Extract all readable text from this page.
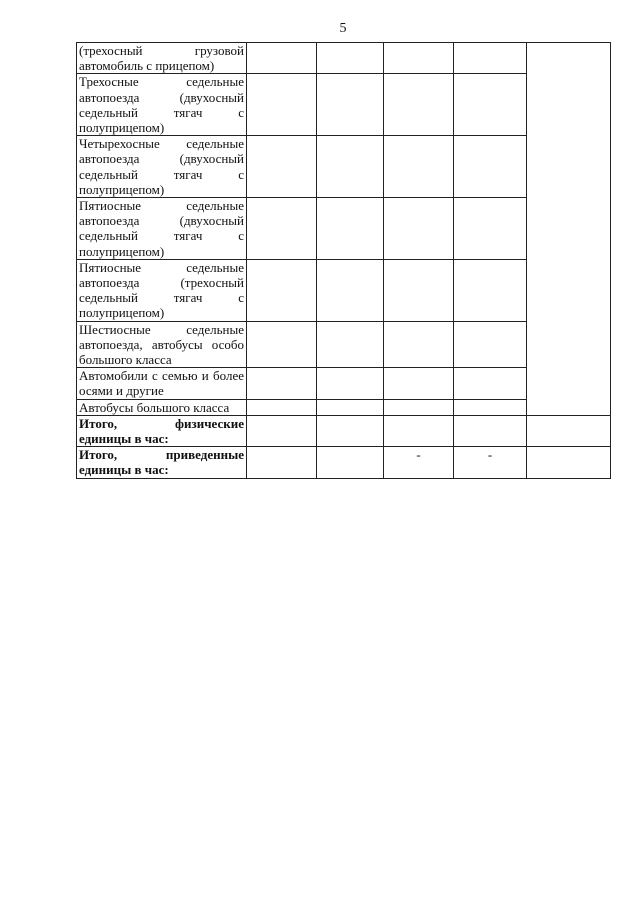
5
(трехосный грузовой автомобиль с прицепом)					
Трехосные седельные автопоезда (двухосный седельный тягач с полуприцепом)					
Четырехосные седельные автопоезда (двухосный седельный тягач с полуприцепом)					
Пятиосные седельные автопоезда (двухосный седельный тягач с полуприцепом)					
Пятиосные седельные автопоезда (трехосный седельный тягач с полуприцепом)					
Шестиосные седельные автопоезда, автобусы особо большого класса					
Автомобили с семью и более осями и другие					
Автобусы большого класса					
Итого, физические единицы в час:					
Итого, приведенные единицы в час:			-	-	
